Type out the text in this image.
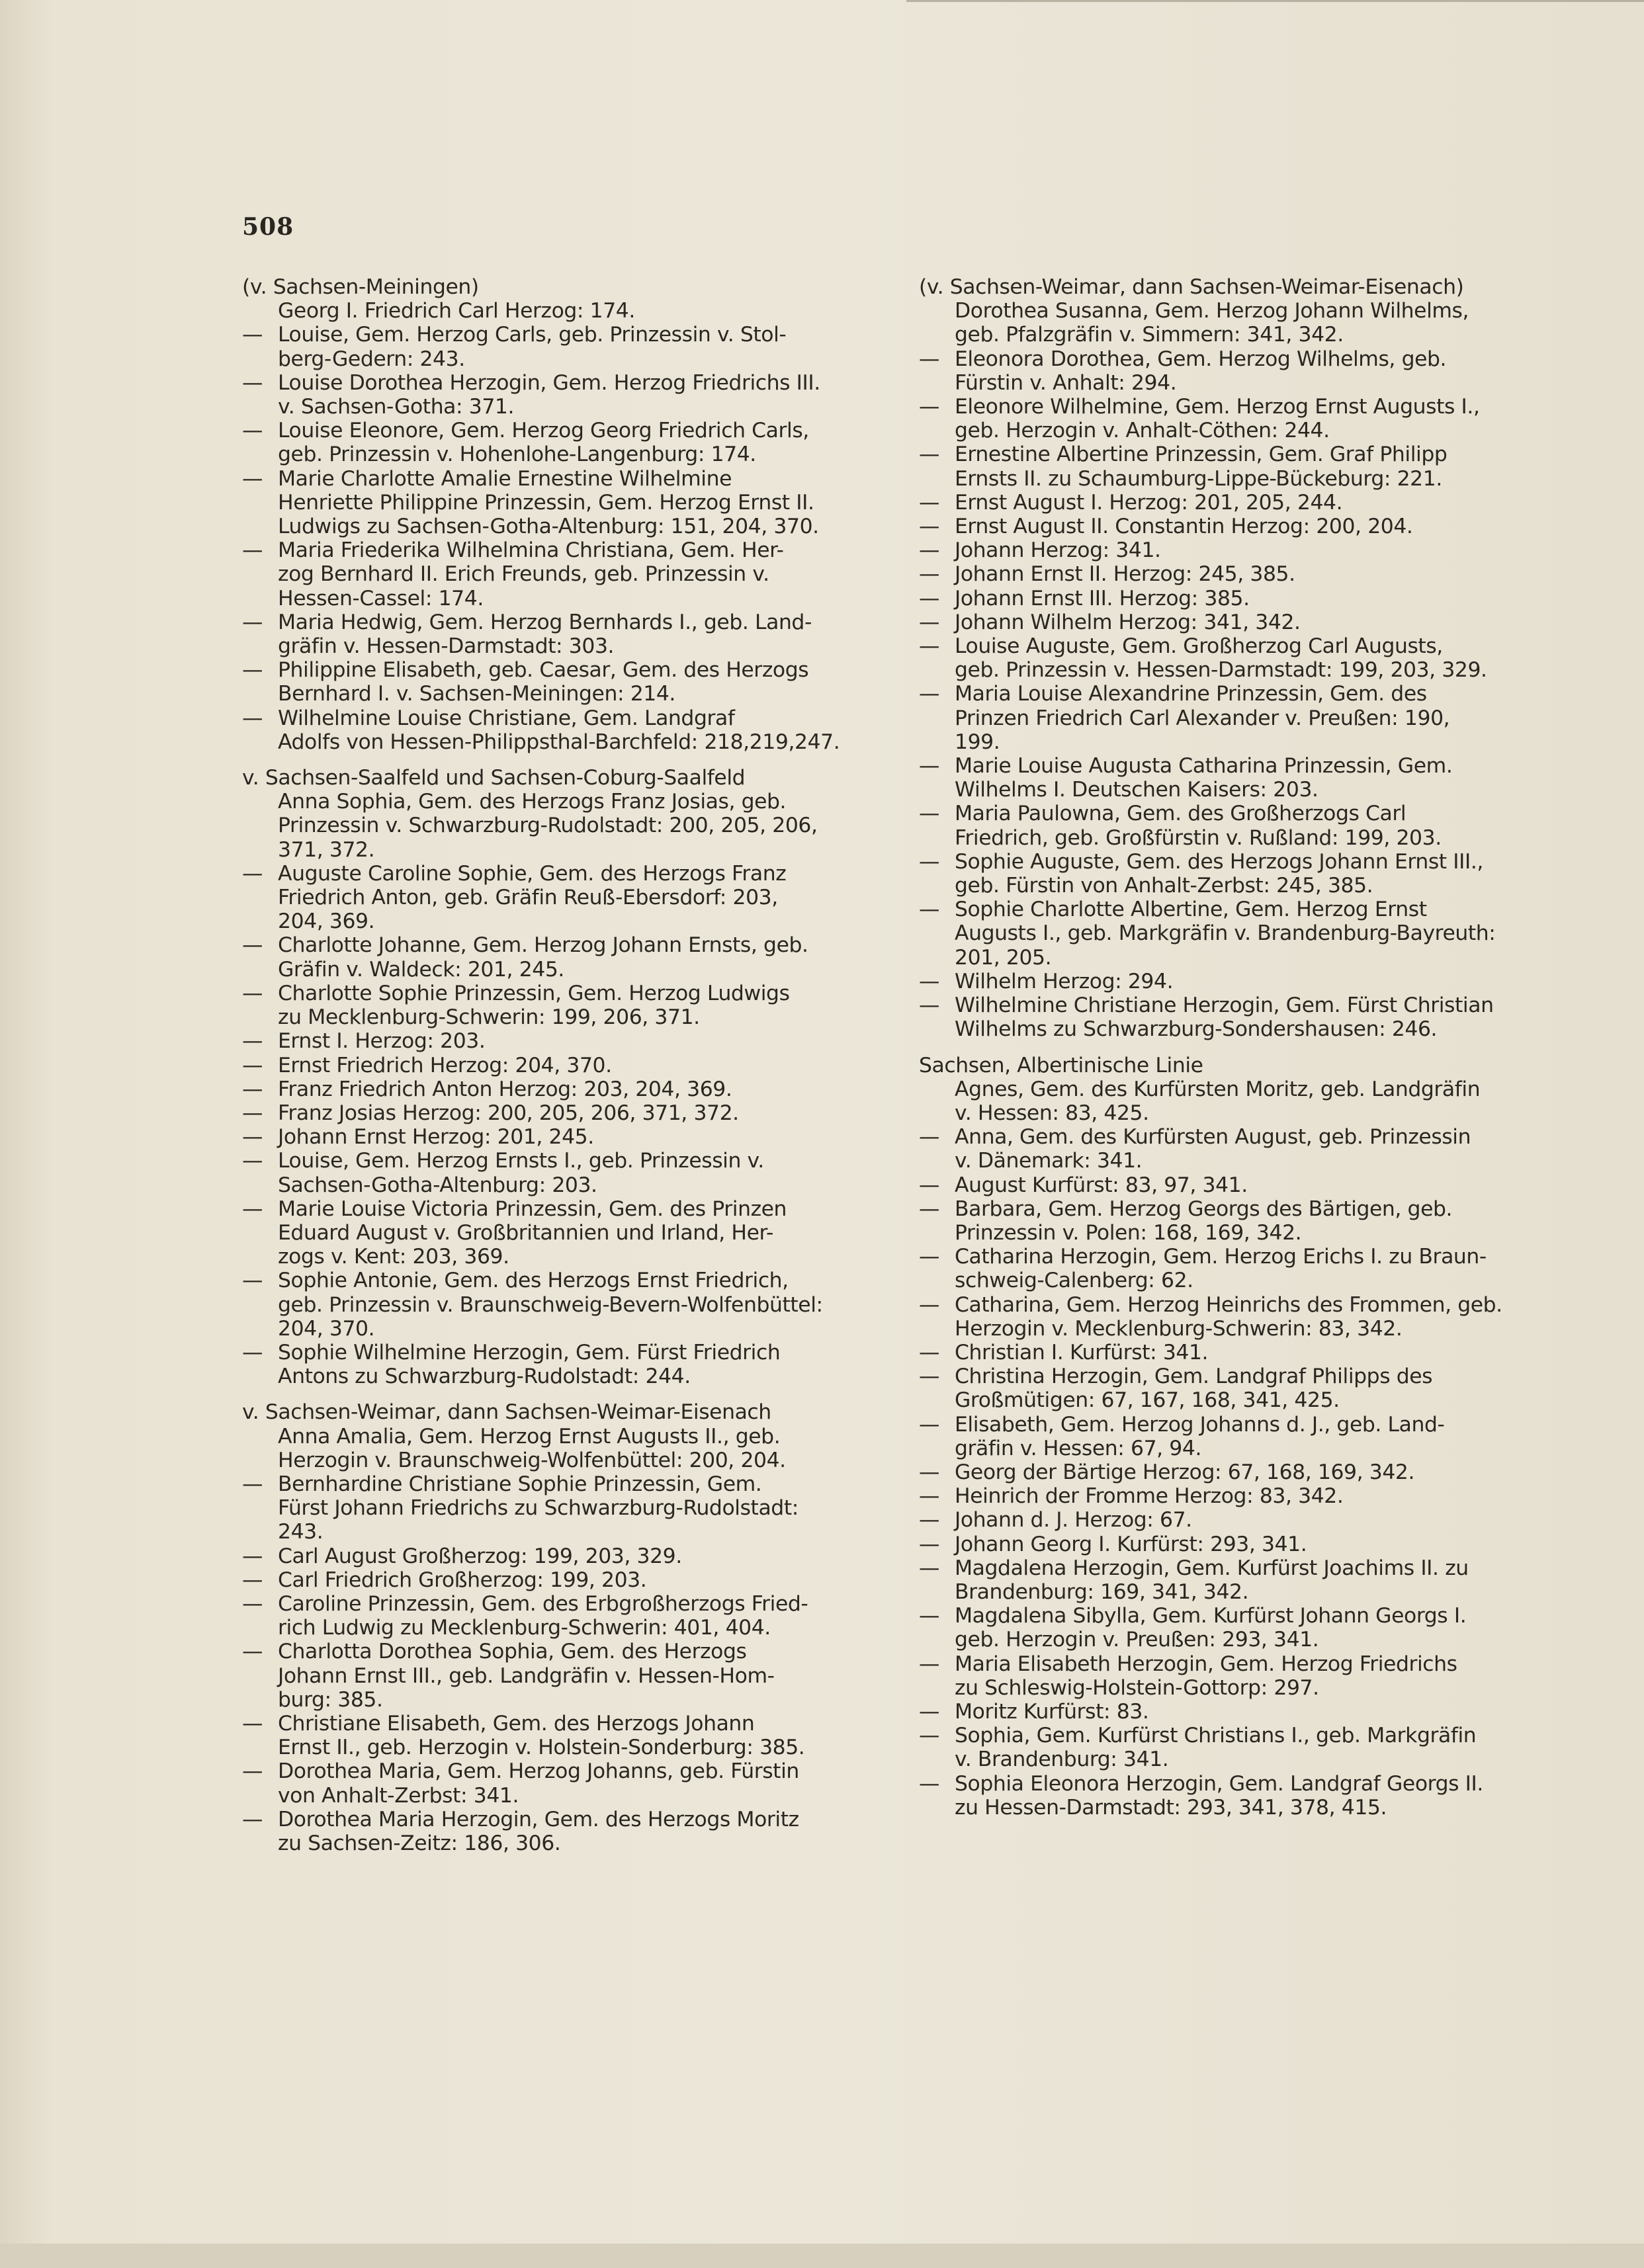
508
(v. Sachsen-Meiningen)
Georg I. Friedrich Carl Herzog: 174.
— Louise, Gem. Herzog Carls, geb. Prinzessin v. Stol-
berg-Gedern: 243.
— Louise Dorothea Herzogin, Gem. Herzog Friedrichs III.
v. Sachsen-Gotha: 371.
— Louise Eleonore, Gem. Herzog Georg Friedrich Carls,
geb. Prinzessin v. Hohenlohe-Langenburg: 174.
— Marie Charlotte Amalie Ernestine Wilhelmine
Henriette Philippine Prinzessin, Gem. Herzog Ernst II.
Ludwigs zu Sachsen-Gotha-Altenburg: 151, 204, 370.
— Maria Friederika Wilhelmina Christiana, Gem. Her-
zog Bernhard II. Erich Freunds, geb. Prinzessin v.
Hessen-Cassel: 174.
— Maria Hedwig, Gem. Herzog Bernhards I., geb. Land-
gräfin v. Hessen-Darmstadt: 303.
— Philippine Elisabeth, geb. Caesar, Gem. des Herzogs
Bernhard I. v. Sachsen-Meiningen: 214.
— Wilhelmine Louise Christiane, Gem. Landgraf
Adolfs von Hessen-Philippsthal-Barchfeld: 218,219,247.
v. Sachsen-Saalfeld und Sachsen-Coburg-Saalfeld
Anna Sophia, Gem. des Herzogs Franz Josias, geb.
Prinzessin v. Schwarzburg-Rudolstadt: 200, 205, 206,
371, 372.
— Auguste Caroline Sophie, Gem. des Herzogs Franz
Friedrich Anton, geb. Gräfin Reuß-Ebersdorf: 203,
204, 369.
— Charlotte Johanne, Gem. Herzog Johann Ernsts, geb.
Gräfin v. Waldeck: 201, 245.
— Charlotte Sophie Prinzessin, Gem. Herzog Ludwigs
zu Mecklenburg-Schwerin: 199, 206, 371.
— Ernst I. Herzog: 203.
— Ernst Friedrich Herzog: 204, 370.
— Franz Friedrich Anton Herzog: 203, 204, 369.
— Franz Josias Herzog: 200, 205, 206, 371, 372.
— Johann Ernst Herzog: 201, 245.
— Louise, Gem. Herzog Ernsts I., geb. Prinzessin v.
Sachsen-Gotha-Altenburg: 203.
— Marie Louise Victoria Prinzessin, Gem. des Prinzen
Eduard August v. Großbritannien und Irland, Her-
zogs v. Kent: 203, 369.
— Sophie Antonie, Gem. des Herzogs Ernst Friedrich,
geb. Prinzessin v. Braunschweig-Bevern-Wolfenbüttel:
204, 370.
— Sophie Wilhelmine Herzogin, Gem. Fürst Friedrich
Antons zu Schwarzburg-Rudolstadt: 244.
v. Sachsen-Weimar, dann Sachsen-Weimar-Eisenach
Anna Amalia, Gem. Herzog Ernst Augusts II., geb.
Herzogin v. Braunschweig-Wolfenbüttel: 200, 204.
— Bernhardine Christiane Sophie Prinzessin, Gem.
Fürst Johann Friedrichs zu Schwarzburg-Rudolstadt:
243.
— Carl August Großherzog: 199, 203, 329.
— Carl Friedrich Großherzog: 199, 203.
— Caroline Prinzessin, Gem. des Erbgroßherzogs Fried-
rich Ludwig zu Mecklenburg-Schwerin: 401, 404.
— Charlotta Dorothea Sophia, Gem. des Herzogs
Johann Ernst III., geb. Landgräfin v. Hessen-Hom-
burg: 385.
— Christiane Elisabeth, Gem. des Herzogs Johann
Ernst II., geb. Herzogin v. Holstein-Sonderburg: 385.
— Dorothea Maria, Gem. Herzog Johanns, geb. Fürstin
von Anhalt-Zerbst: 341.
— Dorothea Maria Herzogin, Gem. des Herzogs Moritz
zu Sachsen-Zeitz: 186, 306.
(v. Sachsen-Weimar, dann Sachsen-Weimar-Eisenach)
Dorothea Susanna, Gem. Herzog Johann Wilhelms,
geb. Pfalzgräfin v. Simmern: 341, 342.
— Eleonora Dorothea, Gem. Herzog Wilhelms, geb.
Fürstin v. Anhalt: 294.
— Eleonore Wilhelmine, Gem. Herzog Ernst Augusts I.,
geb. Herzogin v. Anhalt-Cöthen: 244.
— Ernestine Albertine Prinzessin, Gem. Graf Philipp
Ernsts II. zu Schaumburg-Lippe-Bückeburg: 221.
— Ernst August I. Herzog: 201, 205, 244.
— Ernst August II. Constantin Herzog: 200, 204.
— Johann Herzog: 341.
— Johann Ernst II. Herzog: 245, 385.
— Johann Ernst III. Herzog: 385.
— Johann Wilhelm Herzog: 341, 342.
— Louise Auguste, Gem. Großherzog Carl Augusts,
geb. Prinzessin v. Hessen-Darmstadt: 199, 203, 329.
— Maria Louise Alexandrine Prinzessin, Gem. des
Prinzen Friedrich Carl Alexander v. Preußen: 190,
199.
— Marie Louise Augusta Catharina Prinzessin, Gem.
Wilhelms I. Deutschen Kaisers: 203.
— Maria Paulowna, Gem. des Großherzogs Carl
Friedrich, geb. Großfürstin v. Rußland: 199, 203.
— Sophie Auguste, Gem. des Herzogs Johann Ernst III.,
geb. Fürstin von Anhalt-Zerbst: 245, 385.
— Sophie Charlotte Albertine, Gem. Herzog Ernst
Augusts I., geb. Markgräfin v. Brandenburg-Bayreuth:
201, 205.
— Wilhelm Herzog: 294.
— Wilhelmine Christiane Herzogin, Gem. Fürst Christian
Wilhelms zu Schwarzburg-Sondershausen: 246.
Sachsen, Albertinische Linie
Agnes, Gem. des Kurfürsten Moritz, geb. Landgräfin
v. Hessen: 83, 425.
— Anna, Gem. des Kurfürsten August, geb. Prinzessin
v. Dänemark: 341.
— August Kurfürst: 83, 97, 341.
— Barbara, Gem. Herzog Georgs des Bärtigen, geb.
Prinzessin v. Polen: 168, 169, 342.
— Catharina Herzogin, Gem. Herzog Erichs I. zu Braun-
schweig-Calenberg: 62.
— Catharina, Gem. Herzog Heinrichs des Frommen, geb.
Herzogin v. Mecklenburg-Schwerin: 83, 342.
— Christian I. Kurfürst: 341.
— Christina Herzogin, Gem. Landgraf Philipps des
Großmütigen: 67, 167, 168, 341, 425.
— Elisabeth, Gem. Herzog Johanns d. J., geb. Land-
gräfin v. Hessen: 67, 94.
— Georg der Bärtige Herzog: 67, 168, 169, 342.
— Heinrich der Fromme Herzog: 83, 342.
— Johann d. J. Herzog: 67.
— Johann Georg I. Kurfürst: 293, 341.
— Magdalena Herzogin, Gem. Kurfürst Joachims II. zu
Brandenburg: 169, 341, 342.
— Magdalena Sibylla, Gem. Kurfürst Johann Georgs I.
geb. Herzogin v. Preußen: 293, 341.
— Maria Elisabeth Herzogin, Gem. Herzog Friedrichs
zu Schleswig-Holstein-Gottorp: 297.
— Moritz Kurfürst: 83.
— Sophia, Gem. Kurfürst Christians I., geb. Markgräfin
v. Brandenburg: 341.
— Sophia Eleonora Herzogin, Gem. Landgraf Georgs II.
zu Hessen-Darmstadt: 293, 341, 378, 415.
